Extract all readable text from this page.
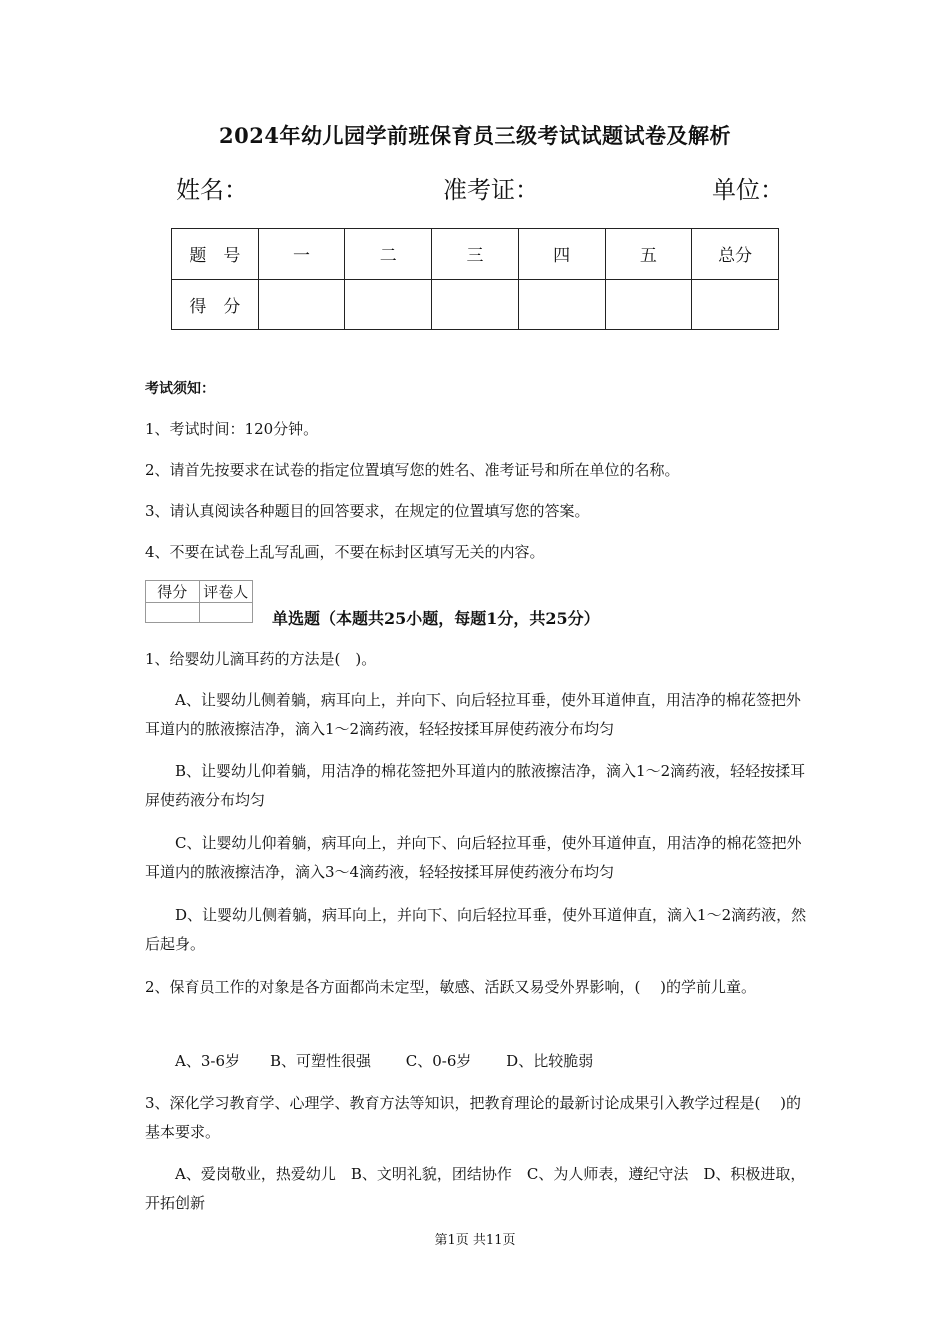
2024年幼儿园学前班保育员三级考试试题试卷及解析
姓名：	准考证：	单位：
题　号	一	二	三	四	五	总分
得　分						
考试须知：
1、考试时间：120分钟。
2、请首先按要求在试卷的指定位置填写您的姓名、准考证号和所在单位的名称。
3、请认真阅读各种题目的回答要求，在规定的位置填写您的答案。
4、不要在试卷上乱写乱画，不要在标封区填写无关的内容。
得分	评卷人

单选题（本题共25小题，每题1分，共25分）
1、给婴幼儿滴耳药的方法是(　)。
A、让婴幼儿侧着躺，病耳向上，并向下、向后轻拉耳垂，使外耳道伸直，用洁净的棉花签把外耳道内的脓液擦洁净，滴入1～2滴药液，轻轻按揉耳屏使药液分布均匀
B、让婴幼儿仰着躺，用洁净的棉花签把外耳道内的脓液擦洁净，滴入1～2滴药液，轻轻按揉耳屏使药液分布均匀
C、让婴幼儿仰着躺，病耳向上，并向下、向后轻拉耳垂，使外耳道伸直，用洁净的棉花签把外耳道内的脓液擦洁净，滴入3～4滴药液，轻轻按揉耳屏使药液分布均匀
D、让婴幼儿侧着躺，病耳向上，并向下、向后轻拉耳垂，使外耳道伸直，滴入1～2滴药液，然后起身。
2、保育员工作的对象是各方面都尚未定型，敏感、活跃又易受外界影响，(　 )的学前儿童。
A、3-6岁　　B、可塑性很强　　 C、0-6岁　　 D、比较脆弱
3、深化学习教育学、心理学、教育方法等知识，把教育理论的最新讨论成果引入教学过程是(　 )的基本要求。
A、爱岗敬业，热爱幼儿　B、文明礼貌，团结协作　C、为人师表，遵纪守法　D、积极进取，开拓创新
第1页 共11页
